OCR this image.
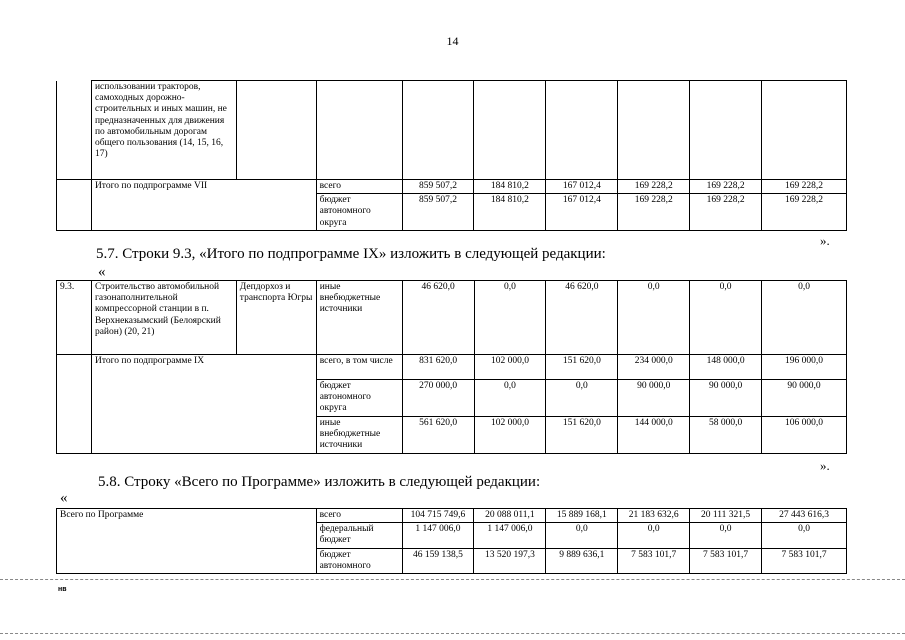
14
	использовании тракторов, самоходных дорожно-строительных и иных машин, не предназначенных для движения по автомобильным дорогам общего пользования (14, 15, 16, 17)								
	Итого по подпрограмме VII		всего	859 507,2	184 810,2	167 012,4	169 228,2	169 228,2	169 228,2
			бюджет автономного округа	859 507,2	184 810,2	167 012,4	169 228,2	169 228,2	169 228,2
».
5.7. Строки 9.3, «Итого по подпрограмме IX» изложить в следующей редакции:
«
9.3.	Строительство автомобильной газонаполнительной компрессорной станции в п. Верхнеказымский (Белоярский район) (20, 21)	Депдорхоз и транспорта Югры	иные внебюджетные источники	46 620,0	0,0	46 620,0	0,0	0,0	0,0
	Итого по подпрограмме IX		всего, в том числе	831 620,0	102 000,0	151 620,0	234 000,0	148 000,0	196 000,0
			бюджет автономного округа	270 000,0	0,0	0,0	90 000,0	90 000,0	90 000,0
			иные внебюджетные источники	561 620,0	102 000,0	151 620,0	144 000,0	58 000,0	106 000,0
».
5.8. Строку «Всего по Программе» изложить в следующей редакции:
«
Всего по Программе	всего	104 715 749,6	20 088 011,1	15 889 168,1	21 183 632,6	20 111 321,5	27 443 616,3
	федеральный бюджет	1 147 006,0	1 147 006,0	0,0	0,0	0,0	0,0
	бюджет автономного	46 159 138,5	13 520 197,3	9 889 636,1	7 583 101,7	7 583 101,7	7 583 101,7
нв
